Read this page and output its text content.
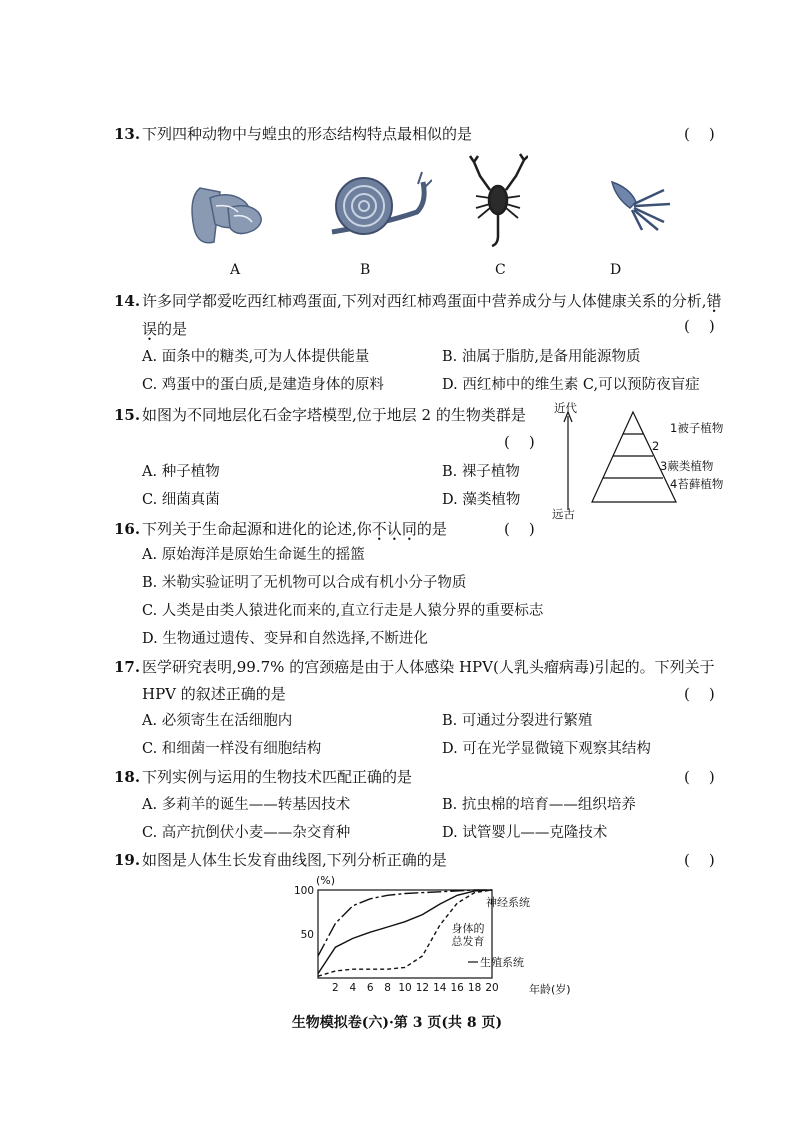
13. 下列四种动物中与蝗虫的形态结构特点最相似的是	(    )
A	B	C	D
14. 许多同学都爱吃西红柿鸡蛋面,下列对西红柿鸡蛋面中营养成分与人体健康关系的分析,错
误的是	(    )
A. 面条中的糖类,可为人体提供能量	B. 油属于脂肪,是备用能源物质
C. 鸡蛋中的蛋白质,是建造身体的原料	D. 西红柿中的维生素 C,可以预防夜盲症
15. 如图为不同地层化石金字塔模型,位于地层 2 的生物类群是
(    )
A. 种子植物	B. 裸子植物
C. 细菌真菌	D. 藻类植物
近代
远古
1被子植物
2
3蕨类植物
4苔藓植物
16. 下列关于生命起源和进化的论述,你不认同的是	(    )
A. 原始海洋是原始生命诞生的摇篮
B. 米勒实验证明了无机物可以合成有机小分子物质
C. 人类是由类人猿进化而来的,直立行走是人猿分界的重要标志
D. 生物通过遗传、变异和自然选择,不断进化
17. 医学研究表明,99.7% 的宫颈癌是由于人体感染 HPV(人乳头瘤病毒)引起的。下列关于
HPV 的叙述正确的是	(    )
A. 必须寄生在活细胞内	B. 可通过分裂进行繁殖
C. 和细菌一样没有细胞结构	D. 可在光学显微镜下观察其结构
18. 下列实例与运用的生物技术匹配正确的是	(    )
A. 多莉羊的诞生——转基因技术	B. 抗虫棉的培育——组织培养
C. 高产抗倒伏小麦——杂交育种	D. 试管婴儿——克隆技术
19. 如图是人体生长发育曲线图,下列分析正确的是	(    )
2 4 6 8 10 12 14 16 18 20
100
50
神经系统
身体的
总发育
生殖系统
(%)
年龄(岁)
生物模拟卷(六)·第 3 页(共 8 页)
